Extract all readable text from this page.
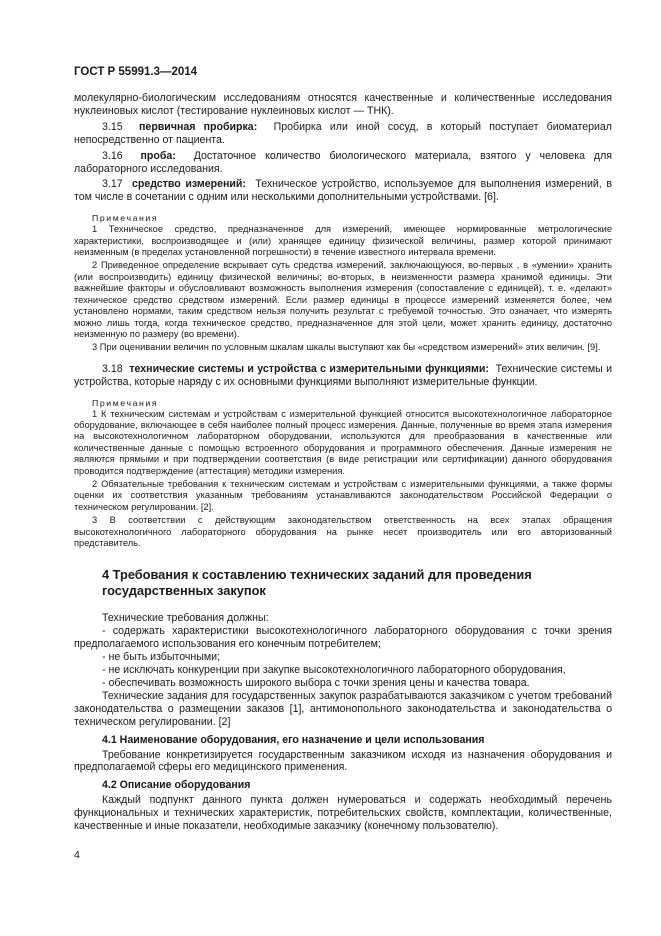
ГОСТ Р 55991.3—2014

молекулярно-биологическим исследованиям относятся качественные и количественные исследования нуклеиновых кислот (тестирование нуклеиновых кислот — ТНК).

3.15 первичная пробирка: Пробирка или иной сосуд, в который поступает биоматериал непосредственно от пациента.

3.16 проба: Достаточное количество биологического материала, взятого у человека для лабораторного исследования.

3.17 средство измерений: Техническое устройство, используемое для выполнения измерений, в том числе в сочетании с одним или несколькими дополнительными устройствами. [6].

Примечания

1 Техническое средство, предназначенное для измерений, имеющее нормированные метрологические характеристики, воспроизводящее и (или) хранящее единицу физической величины, размер которой принимают неизменным (в пределах установленной погрешности) в течение известного интервала времени.

2 Приведенное определение вскрывает суть средства измерений, заключающуюся, во-первых , в «умении» хранить (или воспроизводить) единицу физической величины; во-вторых, в неизменности размера хранимой единицы. Эти важнейшие факторы и обусловливают возможность выполнения измерения (сопоставление с единицей), т. е. «делают» техническое средство средством измерений. Если размер единицы в процессе измерений изменяется более, чем установлено нормами, таким средством нельзя получить результат с требуемой точностью. Это означает, что измерять можно лишь тогда, когда техническое средство, предназначенное для этой цели, может хранить единицу, достаточно неизменную по размеру (во времени).

3 При оценивании величин по условным шкалам шкалы выступают как бы «средством измерений» этих величин. [9].

3.18 технические системы и устройства с измерительными функциями: Технические системы и устройства, которые наряду с их основными функциями выполняют измерительные функции.

Примечания

1 К техническим системам и устройствам с измерительной функцией относится высокотехнологичное лабораторное оборудование, включающее в себя наиболее полный процесс измерения. Данные, полученные во время этапа измерения на высокотехнологичном лабораторном оборудовании, используются для преобразования в качественные или количественные данные с помощью встроенного оборудования и программного обеспечения. Данные измерения не являются прямыми и при подтверждении соответствия (в виде регистрации или сертификации) данного оборудования проводится подтверждение (аттестация) методики измерения.

2 Обязательные требования к техническим системам и устройствам с измерительными функциями, а также формы оценки их соответствия указанным требованиям устанавливаются законодательством Российской Федерации о техническом регулировании. [2].

3 В соответствии с действующим законодательством ответственность на всех этапах обращения высокотехнологичного лабораторного оборудования на рынке несет производитель или его авторизованный представитель.

4 Требования к составлению технических заданий для проведения государственных закупок

Технические требования должны:

- содержать характеристики высокотехнологичного лабораторного оборудования с точки зрения предполагаемого использования его конечным потребителем;

- не быть избыточными;

- не исключать конкуренции при закупке высокотехнологичного лабораторного оборудования,

- обеспечивать возможность широкого выбора с точки зрения цены и качества товара.

Технические задания для государственных закупок разрабатываются заказчиком с учетом требований законодательства о размещении заказов [1], антимонопольного законодательства и законодательства о техническом регулировании. [2]

4.1 Наименование оборудования, его назначение и цели использования

Требование конкретизируется государственным заказчиком исходя из назначения оборудования и предполагаемой сферы его медицинского применения.

4.2 Описание оборудования

Каждый подпункт данного пункта должен нумероваться и содержать необходимый перечень функциональных и технических характеристик, потребительских свойств, комплектации, количественные, качественные и иные показатели, необходимые заказчику (конечному пользователю).

4
